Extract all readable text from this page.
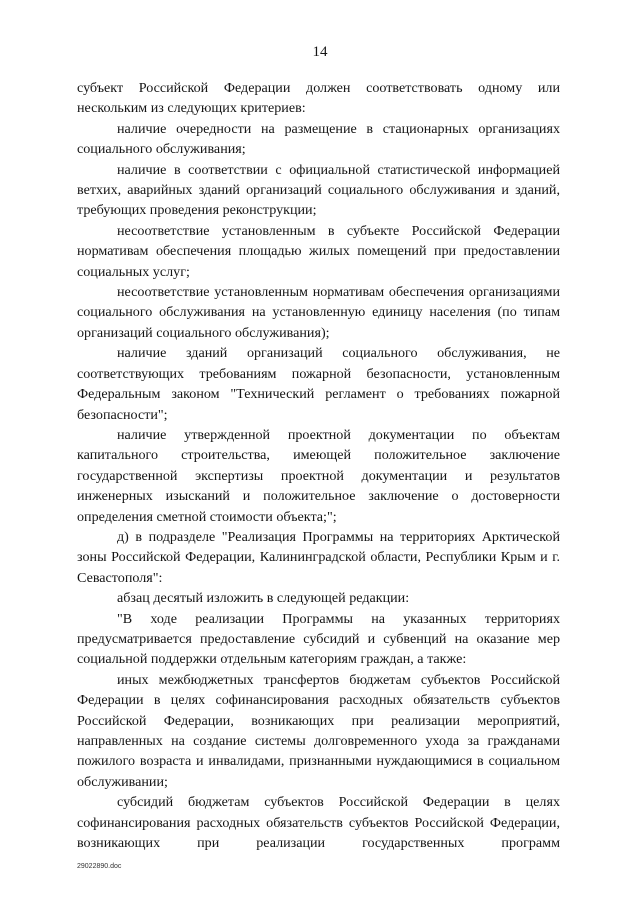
14

субъект Российской Федерации должен соответствовать одному или нескольким из следующих критериев:

наличие очередности на размещение в стационарных организациях социального обслуживания;

наличие в соответствии с официальной статистической информацией ветхих, аварийных зданий организаций социального обслуживания и зданий, требующих проведения реконструкции;

несоответствие установленным в субъекте Российской Федерации нормативам обеспечения площадью жилых помещений при предоставлении социальных услуг;

несоответствие установленным нормативам обеспечения организациями социального обслуживания на установленную единицу населения (по типам организаций социального обслуживания);

наличие зданий организаций социального обслуживания, не соответствующих требованиям пожарной безопасности, установленным Федеральным законом "Технический регламент о требованиях пожарной безопасности";

наличие утвержденной проектной документации по объектам капитального строительства, имеющей положительное заключение государственной экспертизы проектной документации и результатов инженерных изысканий и положительное заключение о достоверности определения сметной стоимости объекта;";

д) в подразделе "Реализация Программы на территориях Арктической зоны Российской Федерации, Калининградской области, Республики Крым и г. Севастополя":

абзац десятый изложить в следующей редакции:

"В ходе реализации Программы на указанных территориях предусматривается предоставление субсидий и субвенций на оказание мер социальной поддержки отдельным категориям граждан, а также:

иных межбюджетных трансфертов бюджетам субъектов Российской Федерации в целях софинансирования расходных обязательств субъектов Российской Федерации, возникающих при реализации мероприятий, направленных на создание системы долговременного ухода за гражданами пожилого возраста и инвалидами, признанными нуждающимися в социальном обслуживании;

субсидий бюджетам субъектов Российской Федерации в целях софинансирования расходных обязательств субъектов Российской Федерации, возникающих при реализации государственных программ

29022890.doc
